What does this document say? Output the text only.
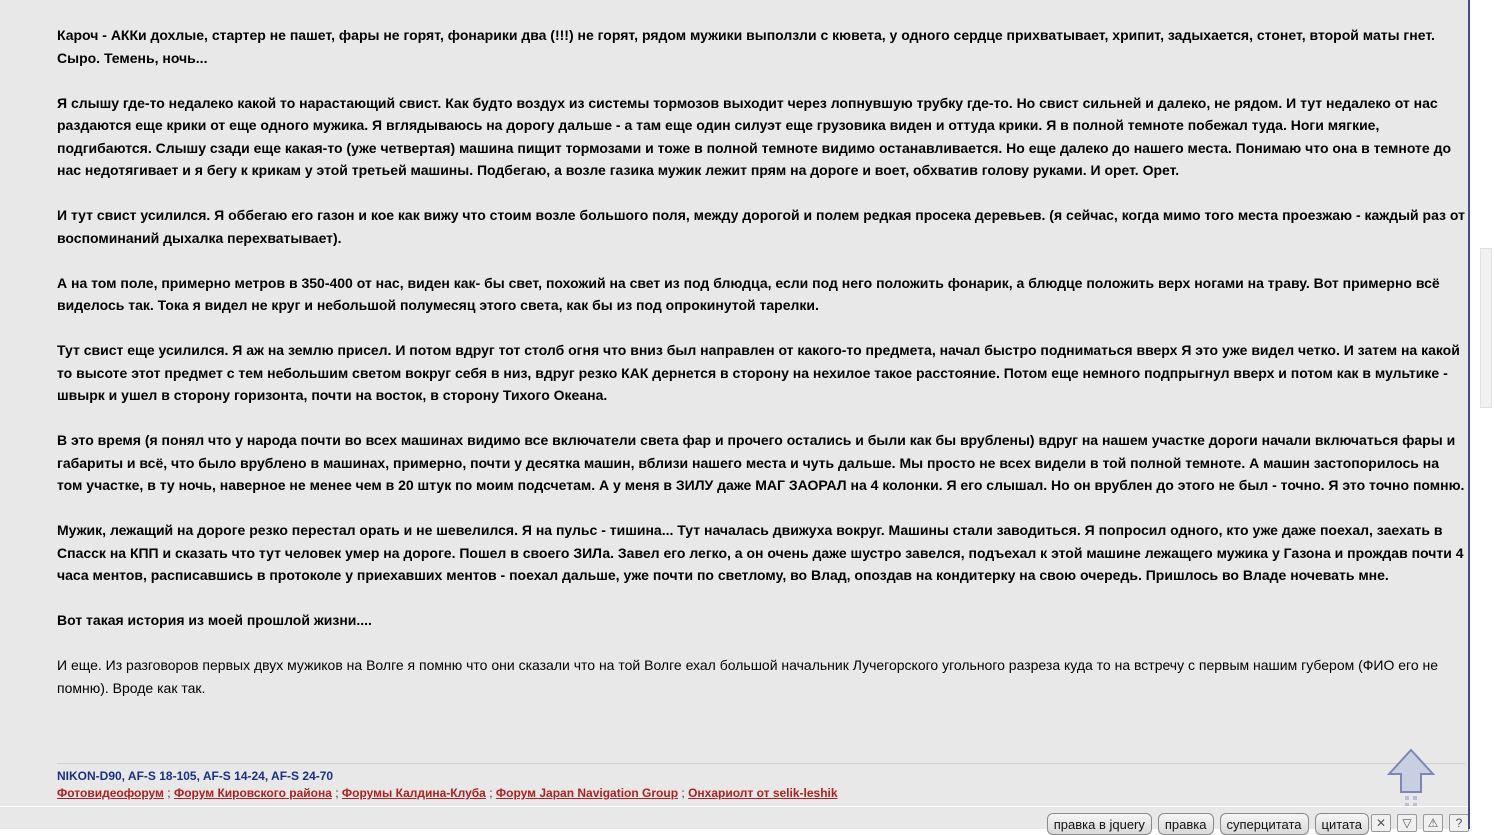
Кароч - АККи дохлые, стартер не пашет, фары не горят, фонарики два (!!!) не горят, рядом мужики выползли с кювета, у одного сердце прихватывает, хрипит, задыхается, стонет, второй маты гнет. Сыро. Темень, ночь...

Я слышу где-то недалеко какой то нарастающий свист. Как будто воздух из системы тормозов выходит через лопнувшую трубку где-то. Но свист сильней и далеко, не рядом. И тут недалеко от нас раздаются еще крики от еще одного мужика. Я вглядываюсь на дорогу дальше - а там еще один силуэт еще грузовика виден и оттуда крики. Я в полной темноте побежал туда. Ноги мягкие, подгибаются. Слышу сзади еще какая-то (уже четвертая) машина пищит тормозами и тоже в полной темноте видимо останавливается. Но еще далеко до нашего места. Понимаю что она в темноте до нас недотягивает и я бегу к крикам у этой третьей машины. Подбегаю, а возле газика мужик лежит прям на дороге и воет, обхватив голову руками. И орет. Орет.

И тут свист усилился. Я оббегаю его газон и кое как вижу что стоим возле большого поля, между дорогой и полем редкая просека деревьев. (я сейчас, когда мимо того места проезжаю - каждый раз от воспоминаний дыхалка перехватывает).

А на том поле, примерно метров в 350-400 от нас, виден как- бы свет, похожий на свет из под блюдца, если под него положить фонарик, а блюдце положить верх ногами на траву. Вот примерно всё виделось так. Тока я видел не круг и небольшой полумесяц этого света, как бы из под опрокинутой тарелки.

Тут свист еще усилился. Я аж на землю присел. И потом вдруг тот столб огня что вниз был направлен от какого-то предмета, начал быстро подниматься вверх Я это уже видел четко. И затем на какой то высоте этот предмет с тем небольшим светом вокруг себя в низ, вдруг резко КАК дернется в сторону на нехилое такое расстояние. Потом еще немного подпрыгнул вверх и потом как в мультике - швырк и ушел в сторону горизонта, почти на восток, в сторону Тихого Океана.

В это время (я понял что у народа почти во всех машинах видимо все включатели света фар и прочего остались и были как бы врублены) вдруг на нашем участке дороги начали включаться фары и габариты и всё, что было врублено в машинах, примерно, почти у десятка машин, вблизи нашего места и чуть дальше. Мы просто не всех видели в той полной темноте. А машин застопорилось на том участке, в ту ночь, наверное не менее чем в 20 штук по моим подсчетам. А у меня в ЗИЛУ даже МАГ ЗАОРАЛ на 4 колонки. Я его слышал. Но он врублен до этого не был - точно. Я это точно помню.

Мужик, лежащий на дороге резко перестал орать и не шевелился. Я на пульс - тишина... Тут началась движуха вокруг. Машины стали заводиться. Я попросил одного, кто уже даже поехал, заехать в Спасск на КПП и сказать что тут человек умер на дороге. Пошел в своего ЗИЛа. Завел его легко, а он очень даже шустро завелся, подъехал к этой машине лежащего мужика у Газона и прождав почти 4 часа ментов, расписавшись в протоколе у приехавших ментов - поехал дальше, уже почти по светлому, во Влад, опоздав на кондитерку на свою очередь. Пришлось во Владе ночевать мне.

Вот такая история из моей прошлой жизни....

И еще. Из разговоров первых двух мужиков на Волге я помню что они сказали что на той Волге ехал большой начальник Лучегорского угольного разреза куда то на встречу с первым нашим губером (ФИО его не помню). Вроде как так.

NIKON-D90, AF-S 18-105, AF-S 14-24, AF-S 24-70
Фотовидеофорум ; Форум Кировского района ; Форумы Калдина-Клуба ; Форум Japan Navigation Group ; Онхариолт от selik-leshik
правка в jquery	правка	суперцитата	цитата	✕	▽	⚠	?
